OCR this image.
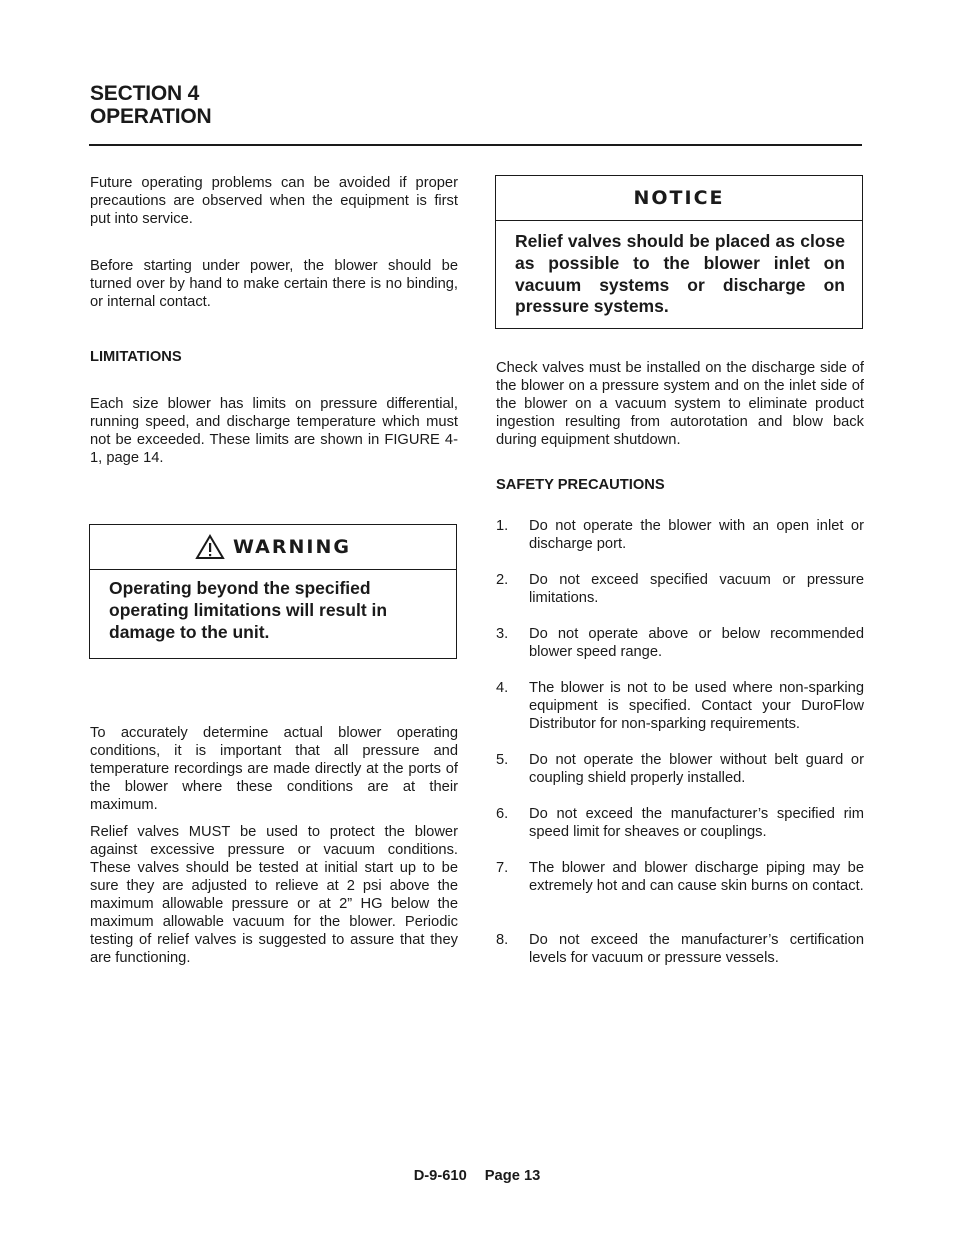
SECTION 4
OPERATION

Future operating problems can be avoided if proper precautions are observed when the equipment is first put into service.

Before starting under power, the blower should be turned over by hand to make certain there is no binding, or internal contact.

LIMITATIONS

Each size blower has limits on pressure differential, running speed, and discharge temperature which must not be exceeded. These limits are shown in FIGURE 4-1, page 14.

WARNING

Operating beyond the specified operating limitations will result in damage to the unit.

To accurately determine actual blower operating conditions, it is important that all pressure and temperature recordings are made directly at the ports of the blower where these conditions are at their maximum.

Relief valves MUST be used to protect the blower against excessive pressure or vacuum conditions. These valves should be tested at initial start up to be sure they are adjusted to relieve at 2 psi above the maximum allowable pressure or at 2” HG below the maximum allowable vacuum for the blower. Periodic testing of relief valves is suggested to assure that they are functioning.

NOTICE

Relief valves should be placed as close as possible to the blower inlet on vacuum systems or discharge on pressure systems.

Check valves must be installed on the discharge side of the blower on a pressure system and on the inlet side of the blower on a vacuum system to eliminate product ingestion resulting from autorotation and blow back during equipment shutdown.

SAFETY PRECAUTIONS

1.	Do not operate the blower with an open inlet or discharge port.
2.	Do not exceed specified vacuum or pressure limitations.
3.	Do not operate above or below recommended blower speed range.
4.	The blower is not to be used where non-sparking equipment is specified. Contact your DuroFlow Distributor for non-sparking requirements.
5.	Do not operate the blower without belt guard or coupling shield properly installed.
6.	Do not exceed the manufacturer’s specified rim speed limit for sheaves or couplings.
7.	The blower and blower discharge piping may be extremely hot and can cause skin burns on contact.
8.	Do not exceed the manufacturer’s certification levels for vacuum or pressure vessels.
D-9-610 Page 13
